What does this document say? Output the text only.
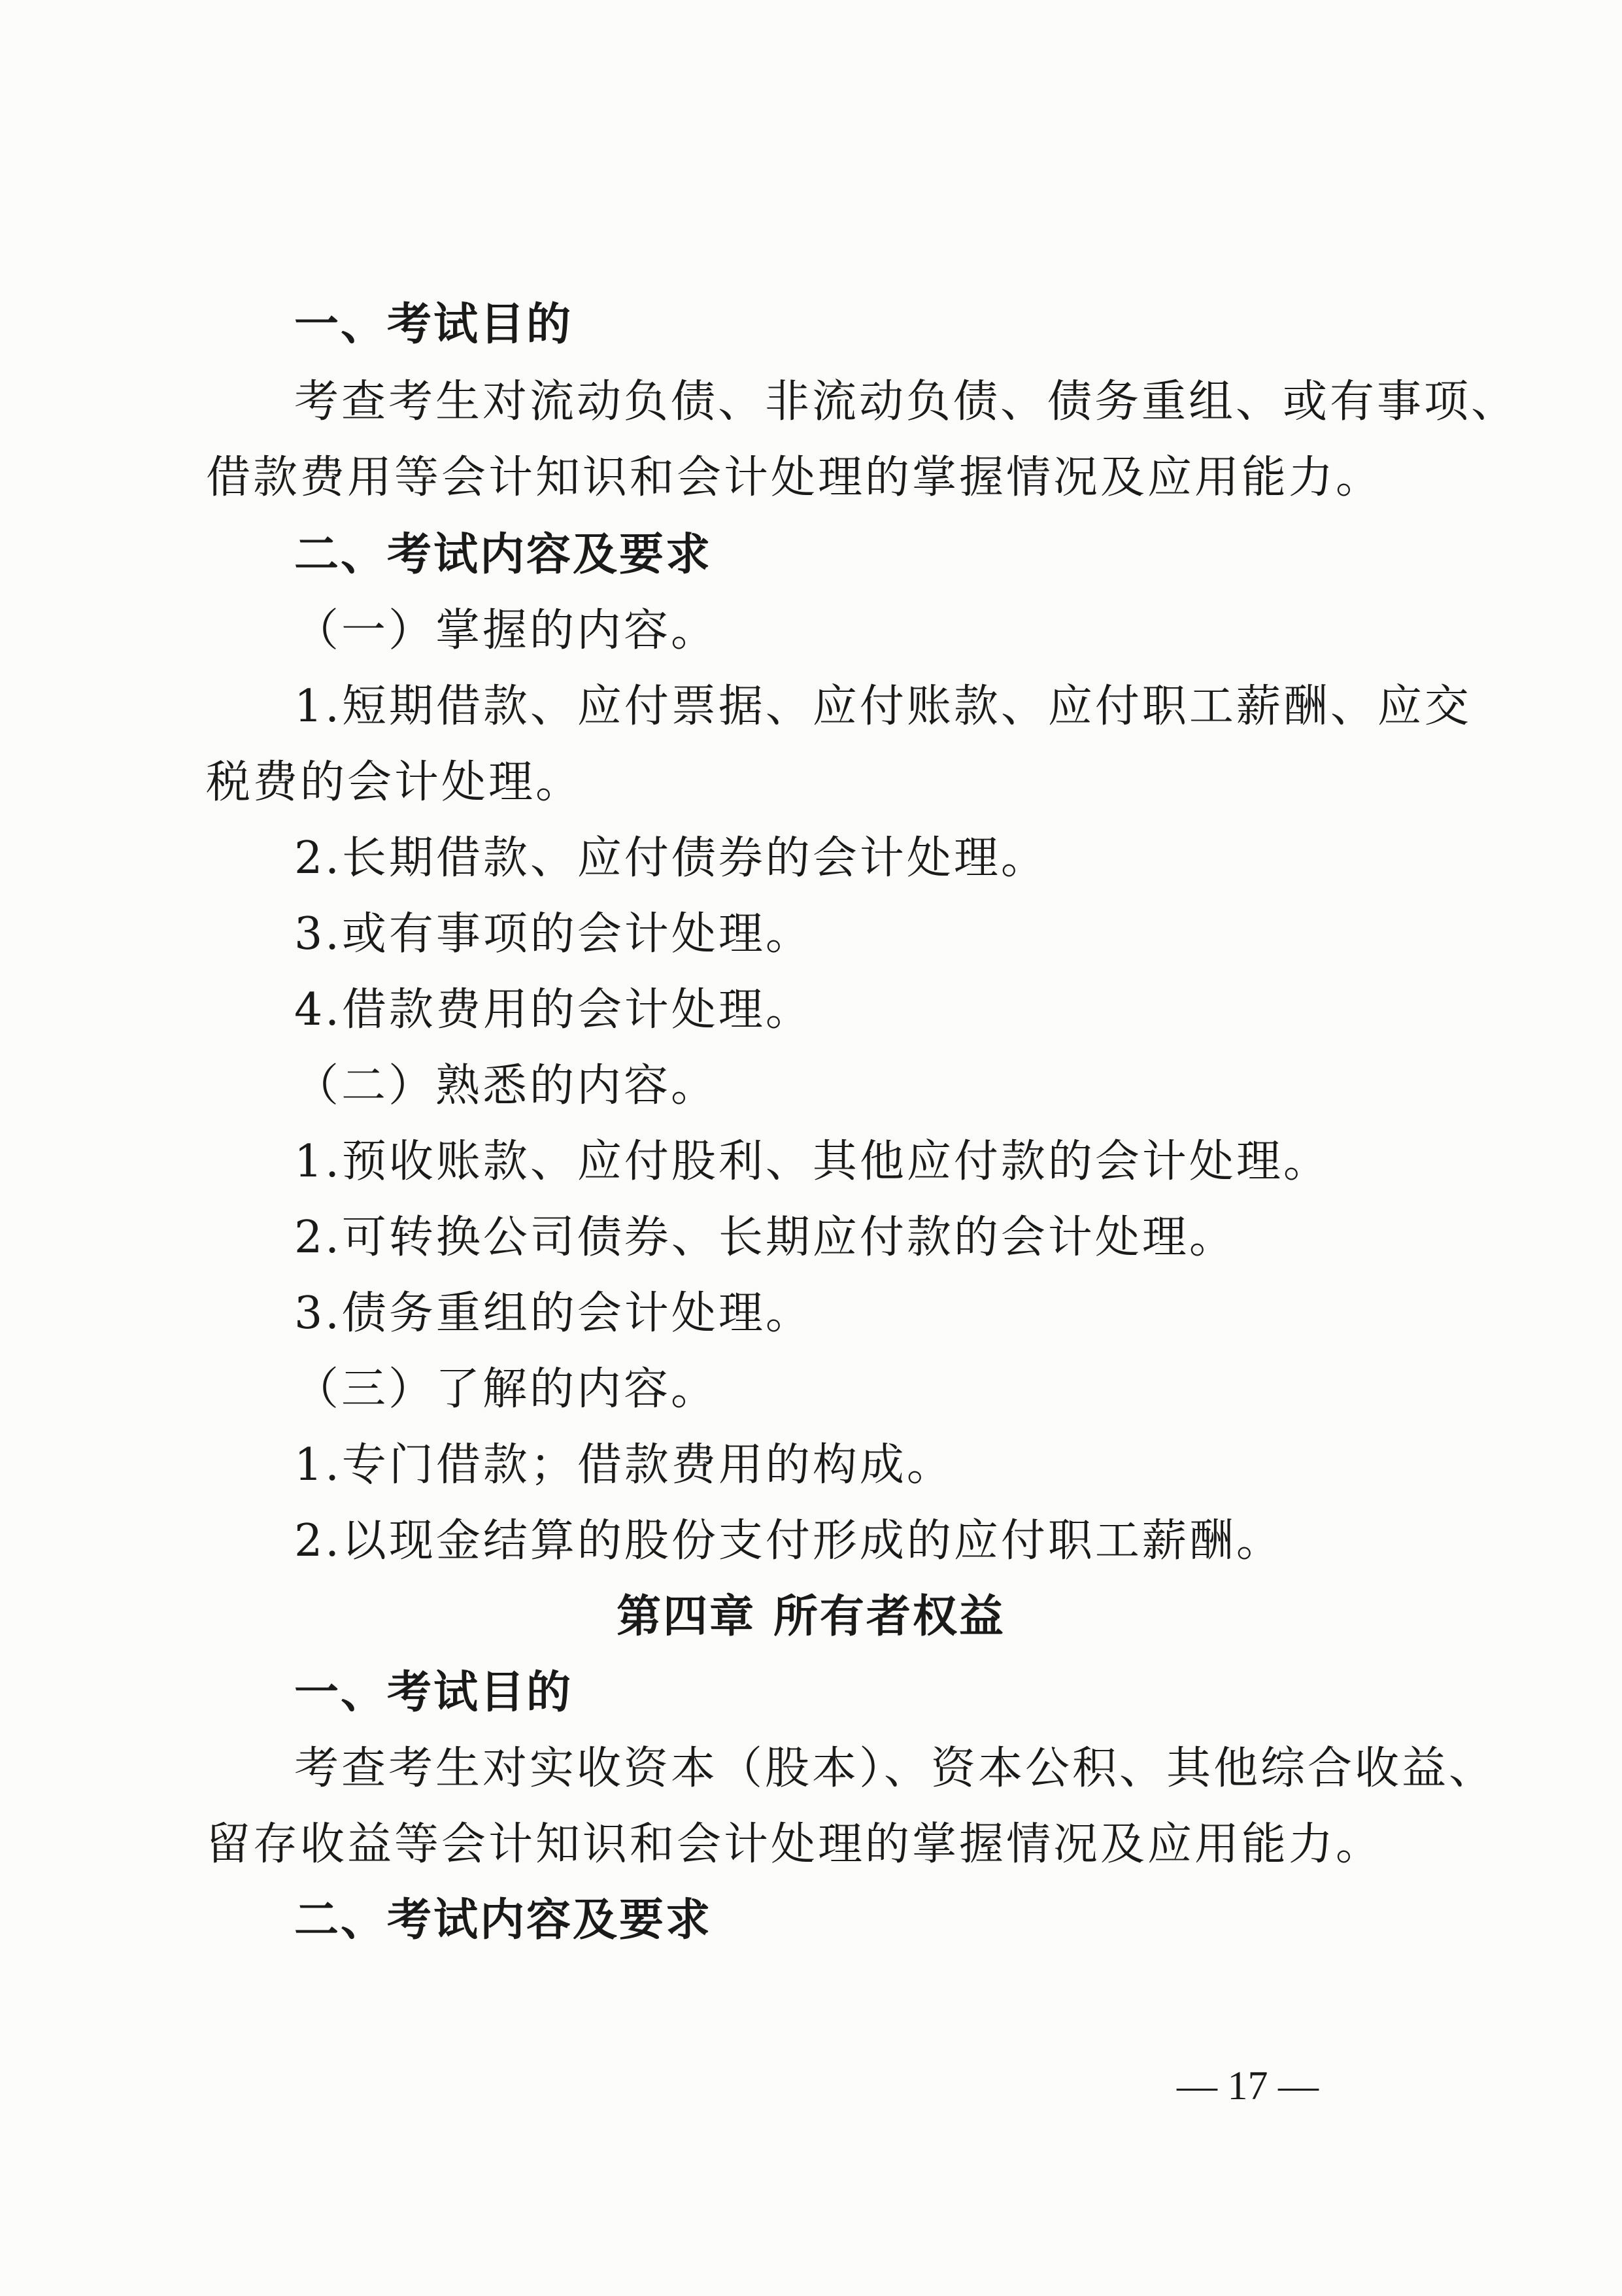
一、考试目的
考查考生对流动负债、非流动负债、债务重组、或有事项、
借款费用等会计知识和会计处理的掌握情况及应用能力。
二、考试内容及要求
（一）掌握的内容。
1.短期借款、应付票据、应付账款、应付职工薪酬、应交
税费的会计处理。
2.长期借款、应付债券的会计处理。
3.或有事项的会计处理。
4.借款费用的会计处理。
（二）熟悉的内容。
1.预收账款、应付股利、其他应付款的会计处理。
2.可转换公司债券、长期应付款的会计处理。
3.债务重组的会计处理。
（三）了解的内容。
1.专门借款；借款费用的构成。
2.以现金结算的股份支付形成的应付职工薪酬。
第四章 所有者权益
一、考试目的
考查考生对实收资本（股本）、资本公积、其他综合收益、
留存收益等会计知识和会计处理的掌握情况及应用能力。
二、考试内容及要求
— 17 —
